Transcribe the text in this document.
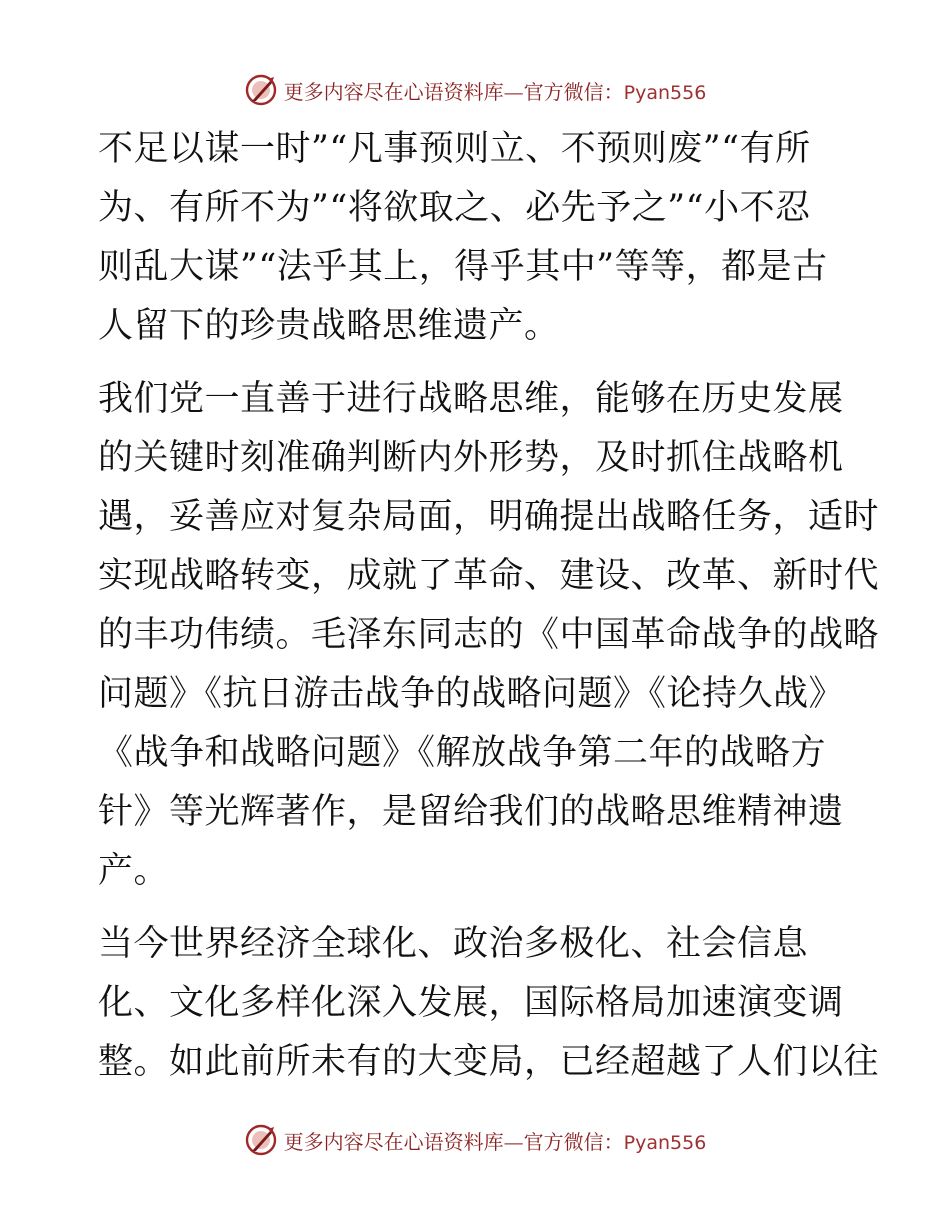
更多内容尽在心语资料库—官方微信：Pyan556

不足以谋一时”“凡事预则立、不预则废”“有所
为、有所不为”“将欲取之、必先予之”“小不忍
则乱大谋”“法乎其上，得乎其中”等等，都是古
人留下的珍贵战略思维遗产。

我们党一直善于进行战略思维，能够在历史发展
的关键时刻准确判断内外形势，及时抓住战略机
遇，妥善应对复杂局面，明确提出战略任务，适时
实现战略转变，成就了革命、建设、改革、新时代
的丰功伟绩。毛泽东同志的《中国革命战争的战略
问题》《抗日游击战争的战略问题》《论持久战》
《战争和战略问题》《解放战争第二年的战略方
针》等光辉著作，是留给我们的战略思维精神遗
产。

当今世界经济全球化、政治多极化、社会信息
化、文化多样化深入发展，国际格局加速演变调
整。如此前所未有的大变局，已经超越了人们以往

更多内容尽在心语资料库—官方微信：Pyan556
